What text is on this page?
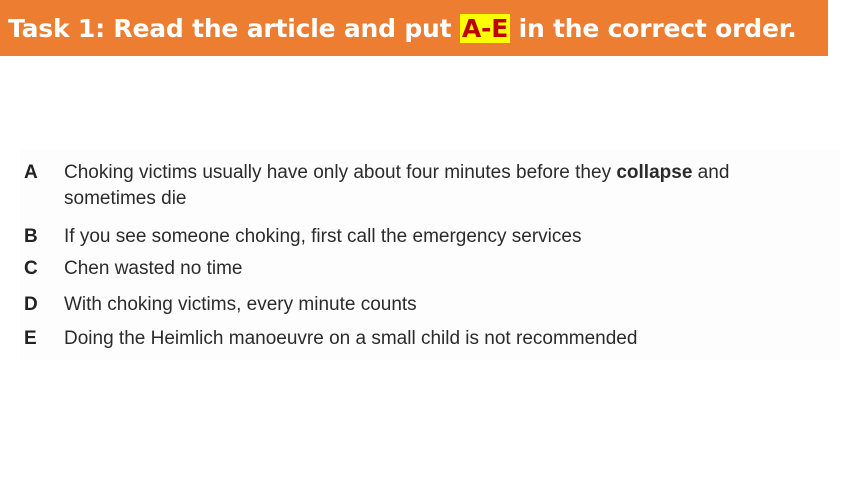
Task 1: Read the article and put A-E in the correct order.
A	Choking victims usually have only about four minutes before they collapse and sometimes die
B	If you see someone choking, first call the emergency services
C	Chen wasted no time
D	With choking victims, every minute counts
E	Doing the Heimlich manoeuvre on a small child is not recommended
